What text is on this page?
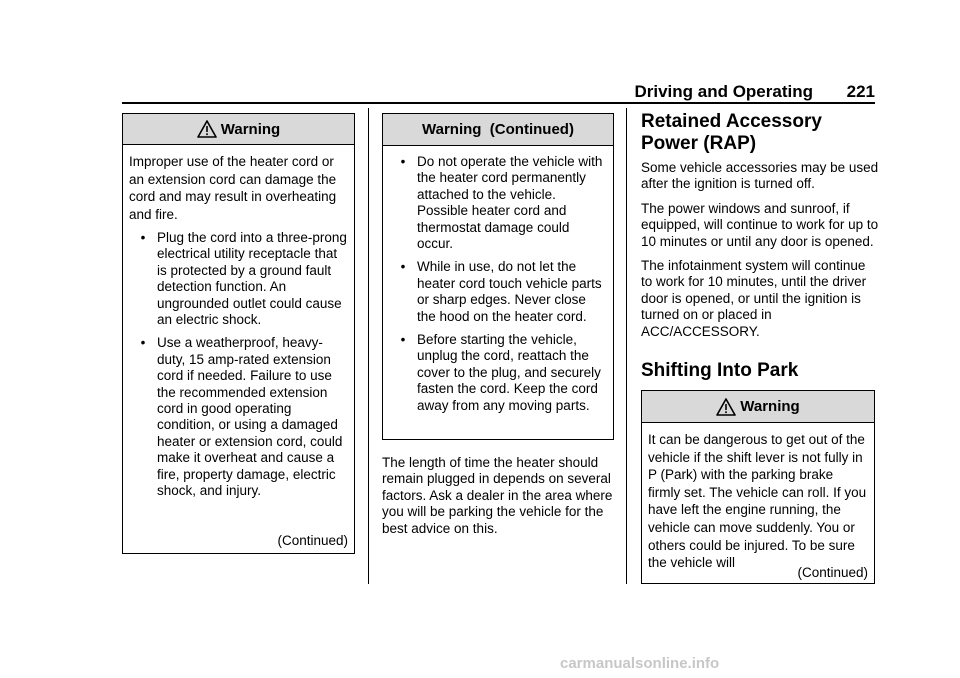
Driving and Operating 221
Warning

Improper use of the heater cord or an extension cord can damage the cord and may result in overheating and fire.

• Plug the cord into a three-prong electrical utility receptacle that is protected by a ground fault detection function. An ungrounded outlet could cause an electric shock.
• Use a weatherproof, heavy-duty, 15 amp-rated extension cord if needed. Failure to use the recommended extension cord in good operating condition, or using a damaged heater or extension cord, could make it overheat and cause a fire, property damage, electric shock, and injury.
(Continued)
Warning  (Continued)
• Do not operate the vehicle with the heater cord permanently attached to the vehicle. Possible heater cord and thermostat damage could occur.
• While in use, do not let the heater cord touch vehicle parts or sharp edges. Never close the hood on the heater cord.
• Before starting the vehicle, unplug the cord, reattach the cover to the plug, and securely fasten the cord. Keep the cord away from any moving parts.

The length of time the heater should remain plugged in depends on several factors. Ask a dealer in the area where you will be parking the vehicle for the best advice on this.

Retained Accessory
Power (RAP)

Some vehicle accessories may be used after the ignition is turned off.

The power windows and sunroof, if equipped, will continue to work for up to 10 minutes or until any door is opened.

The infotainment system will continue to work for 10 minutes, until the driver door is opened, or until the ignition is turned on or placed in ACC/ACCESSORY.

Shifting Into Park
Warning

It can be dangerous to get out of the vehicle if the shift lever is not fully in P (Park) with the parking brake firmly set. The vehicle can roll. If you have left the engine running, the vehicle can move suddenly. You or others could be injured. To be sure the vehicle will

(Continued)
carmanualsonline.info
